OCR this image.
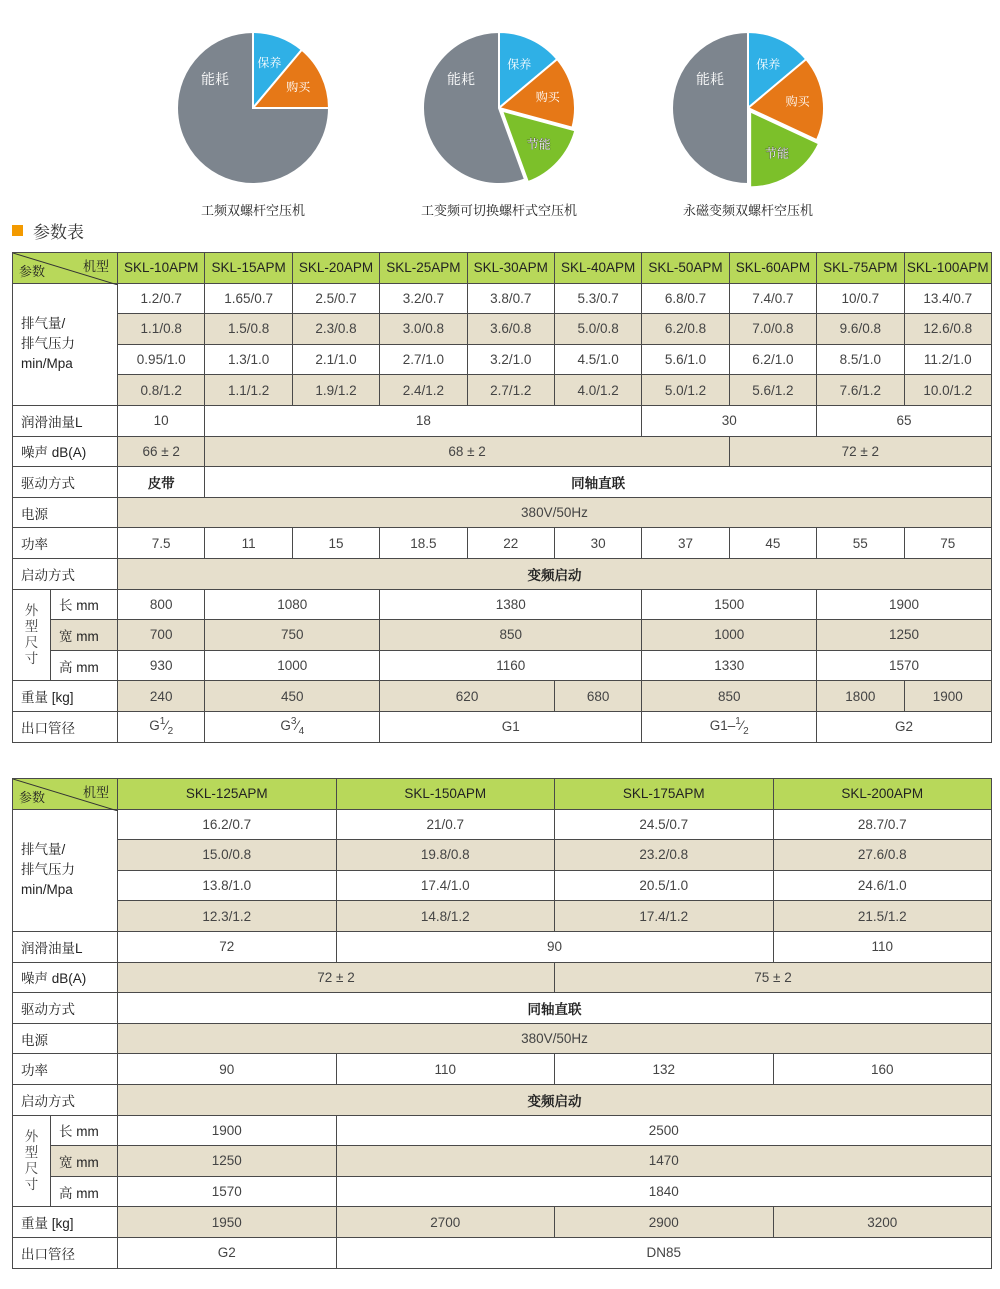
保养
购买
能耗
工频双螺杆空压机
保养
购买
节能
能耗
工变频可切换螺杆式空压机
保养
购买
节能
能耗
永磁变频双螺杆空压机
参数表
机型
参数		SKL-10APM	SKL-15APM	SKL-20APM	SKL-25APM	SKL-30APM	SKL-40APM	SKL-50APM	SKL-60APM	SKL-75APM	SKL-100APM
排气量/
排气压力
min/Mpa		1.2/0.7	1.65/0.7	2.5/0.7	3.2/0.7	3.8/0.7	5.3/0.7	6.8/0.7	7.4/0.7	10/0.7	13.4/0.7
		1.1/0.8	1.5/0.8	2.3/0.8	3.0/0.8	3.6/0.8	5.0/0.8	6.2/0.8	7.0/0.8	9.6/0.8	12.6/0.8
		0.95/1.0	1.3/1.0	2.1/1.0	2.7/1.0	3.2/1.0	4.5/1.0	5.6/1.0	6.2/1.0	8.5/1.0	11.2/1.0
		0.8/1.2	1.1/1.2	1.9/1.2	2.4/1.2	2.7/1.2	4.0/1.2	5.0/1.2	5.6/1.2	7.6/1.2	10.0/1.2
润滑油量L		10	18					30		65	
噪声 dB(A)		66 ± 2	68 ± 2						72 ± 2		
驱动方式		皮带	同轴直联								
电源		380V/50Hz									
功率		7.5	11	15	18.5	22	30	37	45	55	75
启动方式		变频启动									
外
型
尺
寸	长 mm	800	1080		1380			1500		1900	
	宽 mm	700	750		850			1000		1250	
	高 mm	930	1000		1160			1330		1570	
重量 [kg]		240	450		620		680	850		1800	1900
出口管径		$G^1⁄_2$	$G^3⁄_4$		G1			$G1-^1⁄_2$		G2	
机型
参数		SKL-125APM	SKL-150APM	SKL-175APM	SKL-200APM
排气量/
排气压力
min/Mpa		16.2/0.7	21/0.7	24.5/0.7	28.7/0.7
		15.0/0.8	19.8/0.8	23.2/0.8	27.6/0.8
		13.8/1.0	17.4/1.0	20.5/1.0	24.6/1.0
		12.3/1.2	14.8/1.2	17.4/1.2	21.5/1.2
润滑油量L		72	90		110
噪声 dB(A)		72 ± 2		75 ± 2	
驱动方式		同轴直联			
电源		380V/50Hz			
功率		90	110	132	160
启动方式		变频启动			
外
型
尺
寸	长 mm	1900	2500		
	宽 mm	1250	1470		
	高 mm	1570	1840		
重量 [kg]		1950	2700	2900	3200
出口管径		G2	DN85		
